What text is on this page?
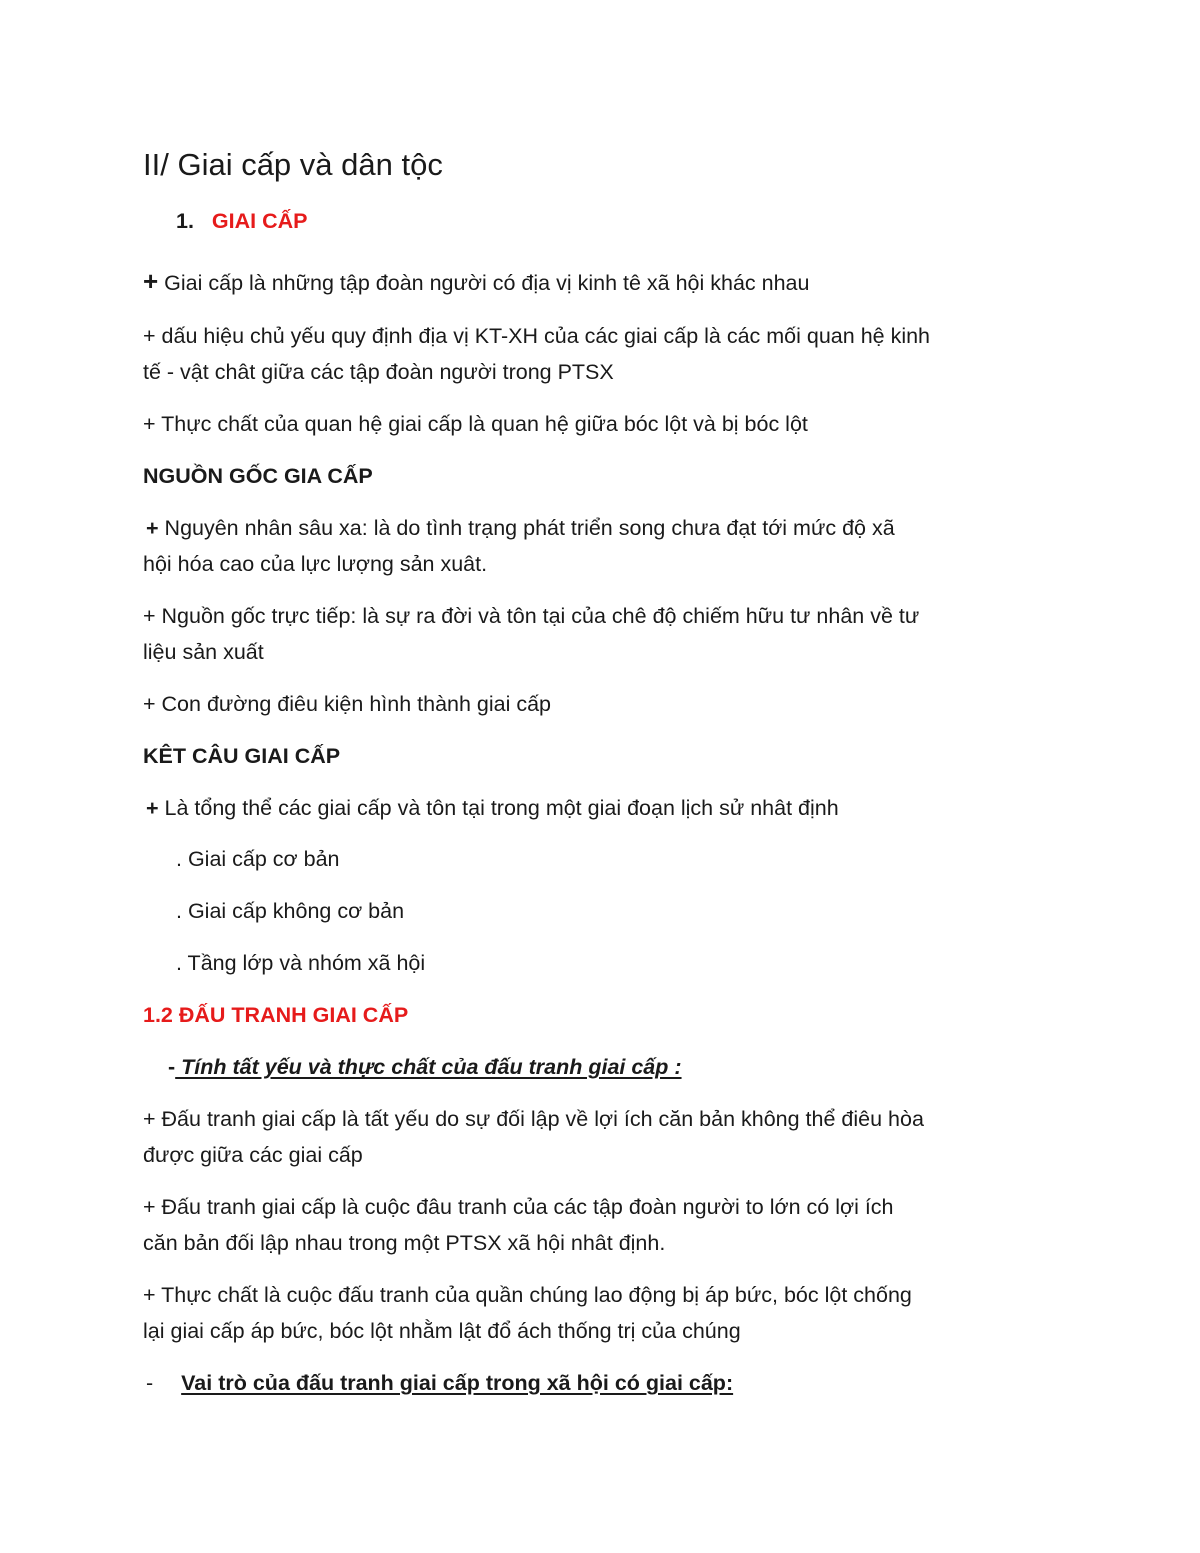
II/ Giai cấp và dân tộc
1. GIAI CẤP
+ Giai cấp là những tập đoàn người có địa vị kinh tê xã hội khác nhau
+ dấu hiệu chủ yếu quy định địa vị KT-XH của các giai cấp là các mối quan hệ kinh
tế - vật chât giữa các tập đoàn người trong PTSX
+ Thực chất của quan hệ giai cấp là quan hệ giữa bóc lột và bị bóc lột
NGUỒN GỐC GIA CẤP
+ Nguyên nhân sâu xa: là do tình trạng phát triển song chưa đạt tới mức độ xã
hội hóa cao của lực lượng sản xuât.
+ Nguồn gốc trực tiếp: là sự ra đời và tôn tại của chê độ chiếm hữu tư nhân về tư
liệu sản xuất
+ Con đường điêu kiện hình thành giai cấp
KÊT CÂU GIAI CẤP
+ Là tổng thể các giai cấp và tôn tại trong một giai đoạn lịch sử nhât định
. Giai cấp cơ bản
. Giai cấp không cơ bản
. Tầng lớp và nhóm xã hội
1.2 ĐẤU TRANH GIAI CẤP
- Tính tất yếu và thực chất của đấu tranh giai cấp :
+ Đấu tranh giai cấp là tất yếu do sự đối lập về lợi ích căn bản không thể điêu hòa
được giữa các giai cấp
+ Đấu tranh giai cấp là cuộc đâu tranh của các tập đoàn người to lớn có lợi ích
căn bản đối lập nhau trong một PTSX xã hội nhât định.
+ Thực chất là cuộc đấu tranh của quần chúng lao động bị áp bức, bóc lột chống
lại giai cấp áp bức, bóc lột nhằm lật đổ ách thống trị của chúng
- Vai trò của đấu tranh giai cấp trong xã hội có giai cấp:
